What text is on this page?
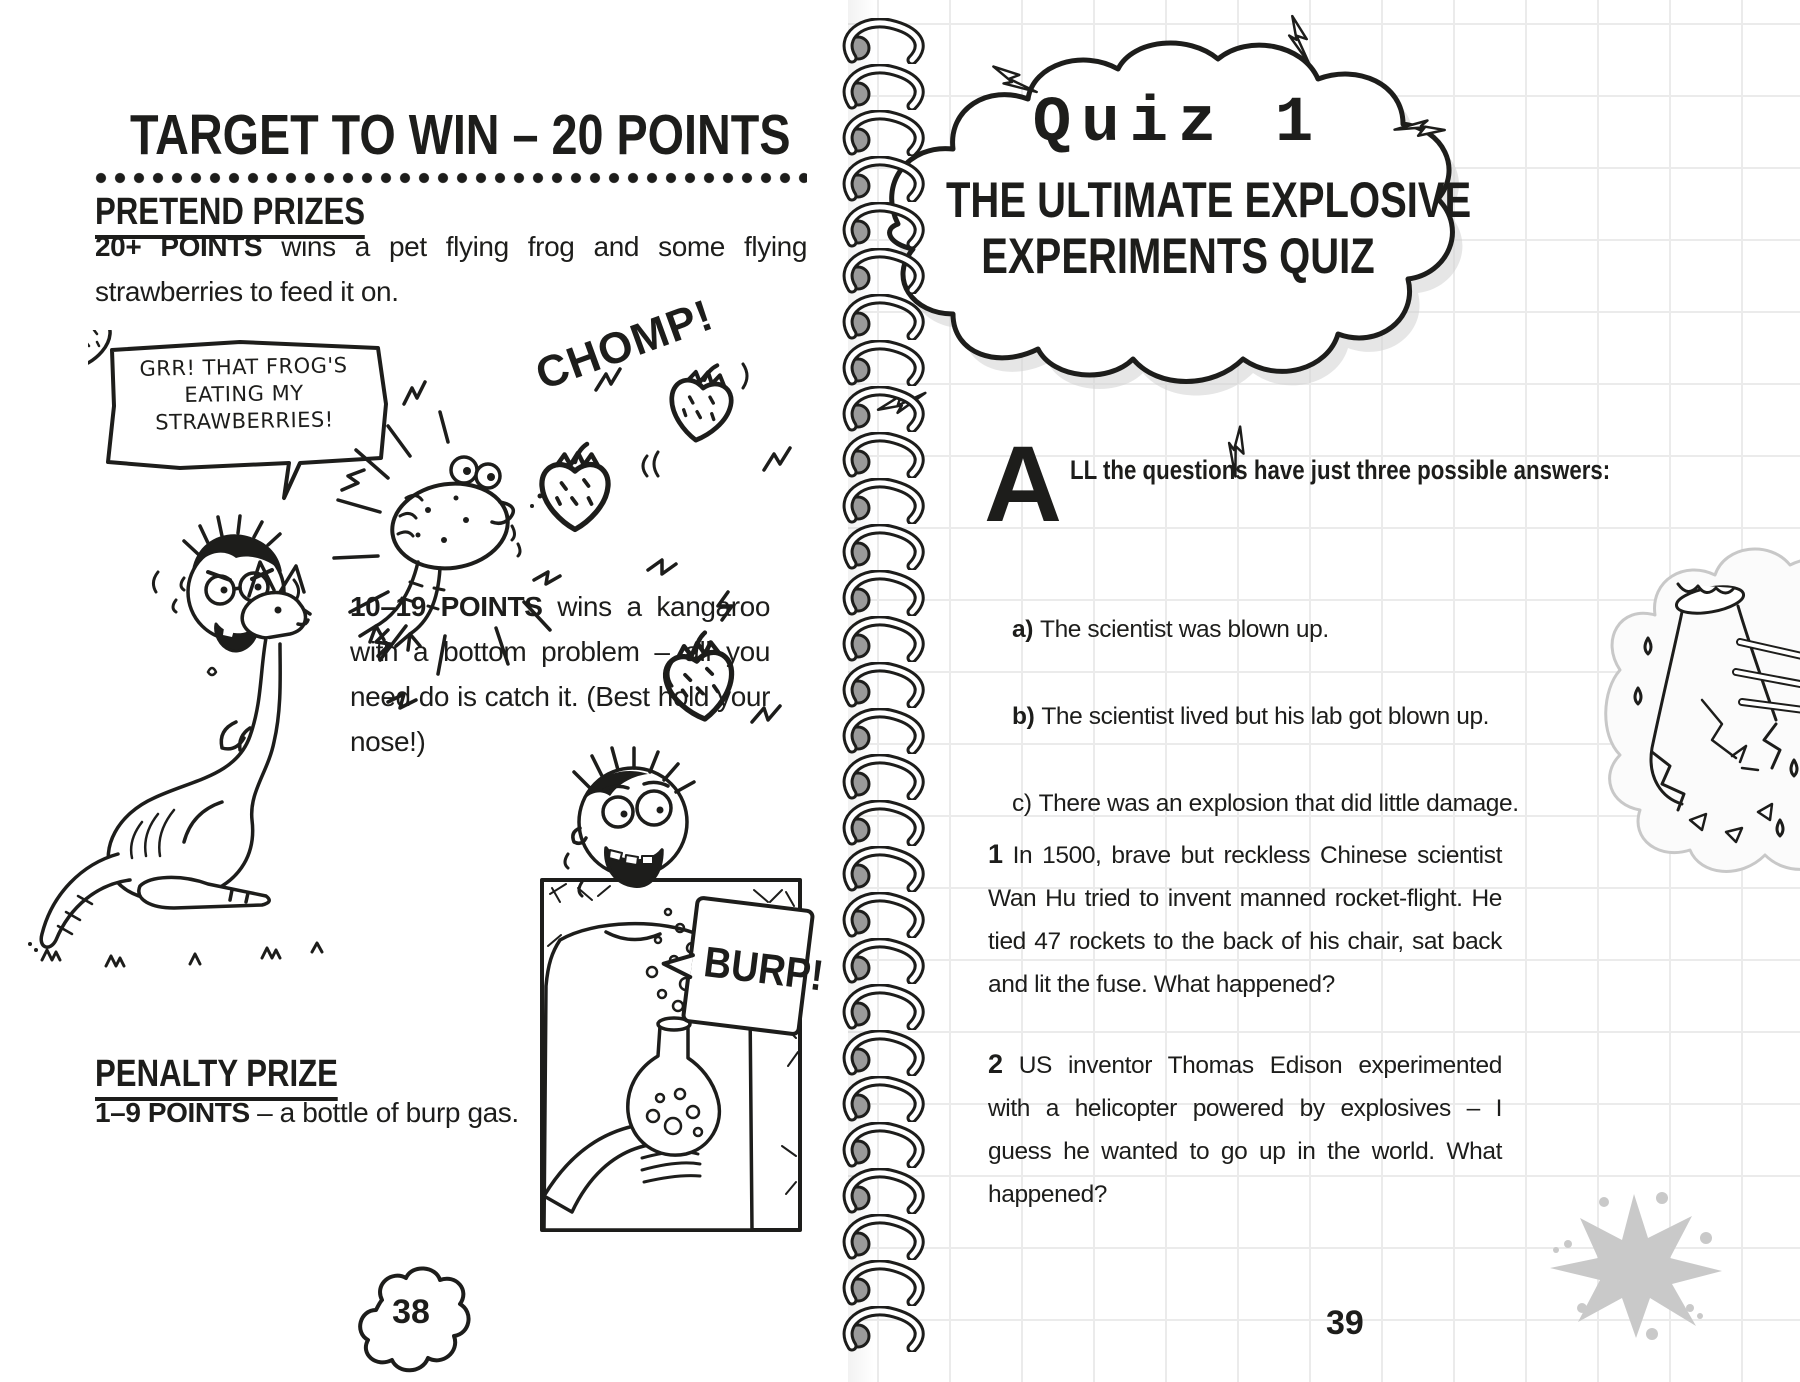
TARGET TO WIN – 20 POINTS
PRETEND PRIZES

20+ POINTS wins a pet flying frog and some flying strawberries to feed it on.

GRR! THAT FROG'S EATING MY STRAWBERRIES!
CHOMP!

10–19 POINTS wins a kangaroo with a bottom problem – all you need do is catch it. (Best hold your nose!)

BURP!
PENALTY PRIZE

1–9 POINTS – a bottle of burp gas.

38
Quiz 1
THE ULTIMATE EXPLOSIVE
EXPERIMENTS QUIZ
A LL the questions have just three possible answers:
a) The scientist was blown up.
b) The scientist lived but his lab got blown up.
c) There was an explosion that did little damage.

1 In 1500, brave but reckless Chinese scientist Wan Hu tried to invent manned rocket-flight. He tied 47 rockets to the back of his chair, sat back and lit the fuse. What happened?

2 US inventor Thomas Edison experimented with a helicopter powered by explosives – I guess he wanted to go up in the world. What happened?

39
